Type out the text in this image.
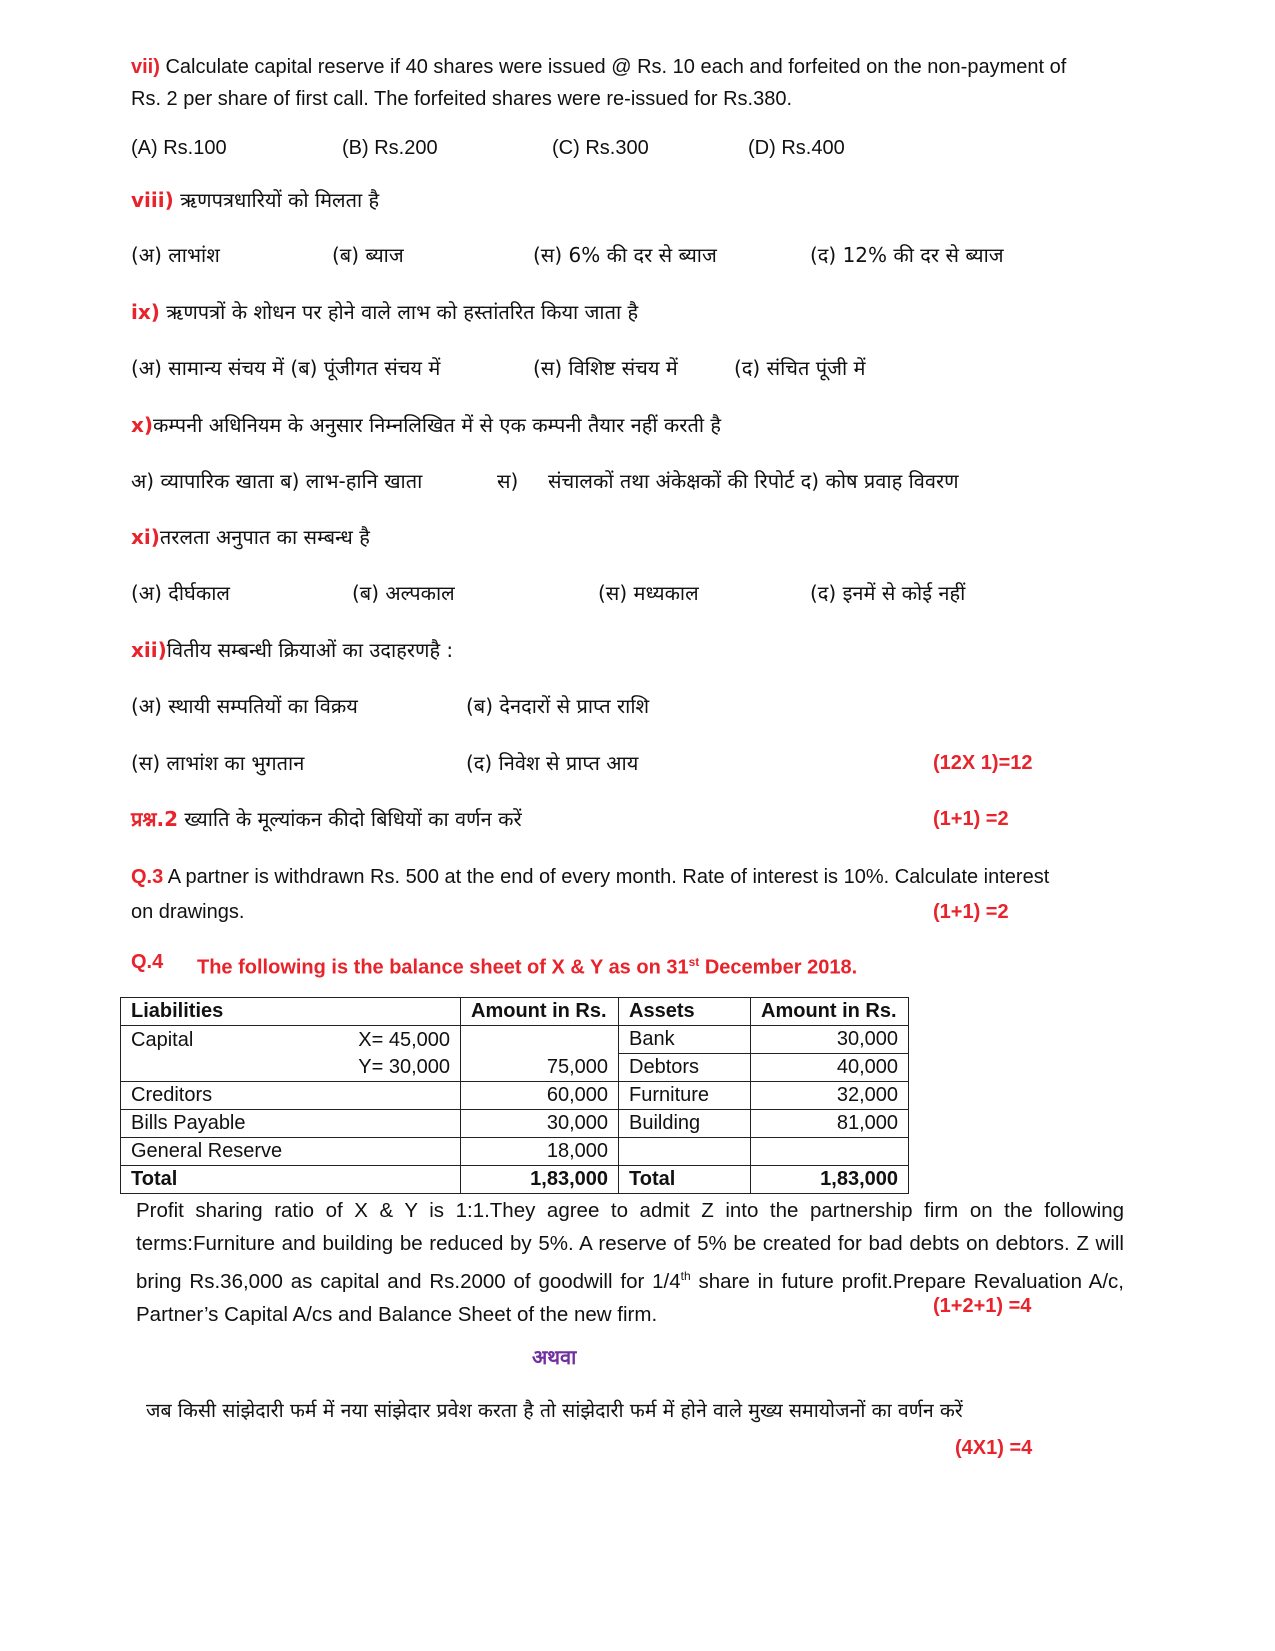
vii) Calculate capital reserve if 40 shares were issued @ Rs. 10 each and forfeited on the non-payment of
Rs. 2 per share of first call. The forfeited shares were re-issued for Rs.380.
(A) Rs.100	(B) Rs.200	(C) Rs.300	(D) Rs.400
viii) ऋणपत्रधारियों को मिलता है
(अ) लाभांश	(ब) ब्याज	(स) 6% की दर से ब्याज	(द) 12% की दर से ब्याज
ix) ऋणपत्रों के शोधन पर होने वाले लाभ को हस्तांतरित किया जाता है
(अ) सामान्य संचय में (ब) पूंजीगत संचय में	(स) विशिष्ट संचय में	(द) संचित पूंजी में
x)कम्पनी अधिनियम के अनुसार निम्नलिखित में से एक कम्पनी तैयार नहीं करती है
अ) व्यापारिक खाता ब) लाभ-हानि खाता	स) संचालकों तथा अंकेक्षकों की रिपोर्ट द) कोष प्रवाह विवरण
xi)तरलता अनुपात का सम्बन्ध है
(अ) दीर्घकाल	(ब) अल्पकाल	(स) मध्यकाल	(द) इनमें से कोई नहीं
xii)वितीय सम्बन्धी क्रियाओं का उदाहरणहै :
(अ) स्थायी सम्पतियों का विक्रय	(ब) देनदारों से प्राप्त राशि
(स) लाभांश का भुगतान	(द) निवेश से प्राप्त आय	(12X 1)=12
प्रश्न.2 ख्याति के मूल्यांकन कीदो बिधियों का वर्णन करें	(1+1) =2
Q.3 A partner is withdrawn Rs. 500 at the end of every month. Rate of interest is 10%. Calculate interest
on drawings.	(1+1) =2
Q.4 The following is the balance sheet of X & Y as on 31st December 2018.
Liabilities	Amount in Rs.	Assets	Amount in Rs.
Capital X= 45,000		Bank	30,000
Y= 30,000	75,000	Debtors	40,000
Creditors	60,000	Furniture	32,000
Bills Payable	30,000	Building	81,000
General Reserve	18,000		
Total	1,83,000	Total	1,83,000
Profit sharing ratio of X & Y is 1:1.They agree to admit Z into the partnership firm on the following terms:Furniture and building be reduced by 5%. A reserve of 5% be created for bad debts on debtors. Z will bring Rs.36,000 as capital and Rs.2000 of goodwill for 1/4th share in future profit.Prepare Revaluation A/c, Partner’s Capital A/cs and Balance Sheet of the new firm.	(1+2+1) =4
अथवा
जब किसी सांझेदारी फर्म में नया सांझेदार प्रवेश करता है तो सांझेदारी फर्म में होने वाले मुख्य समायोजनों का वर्णन करें
(4X1) =4
